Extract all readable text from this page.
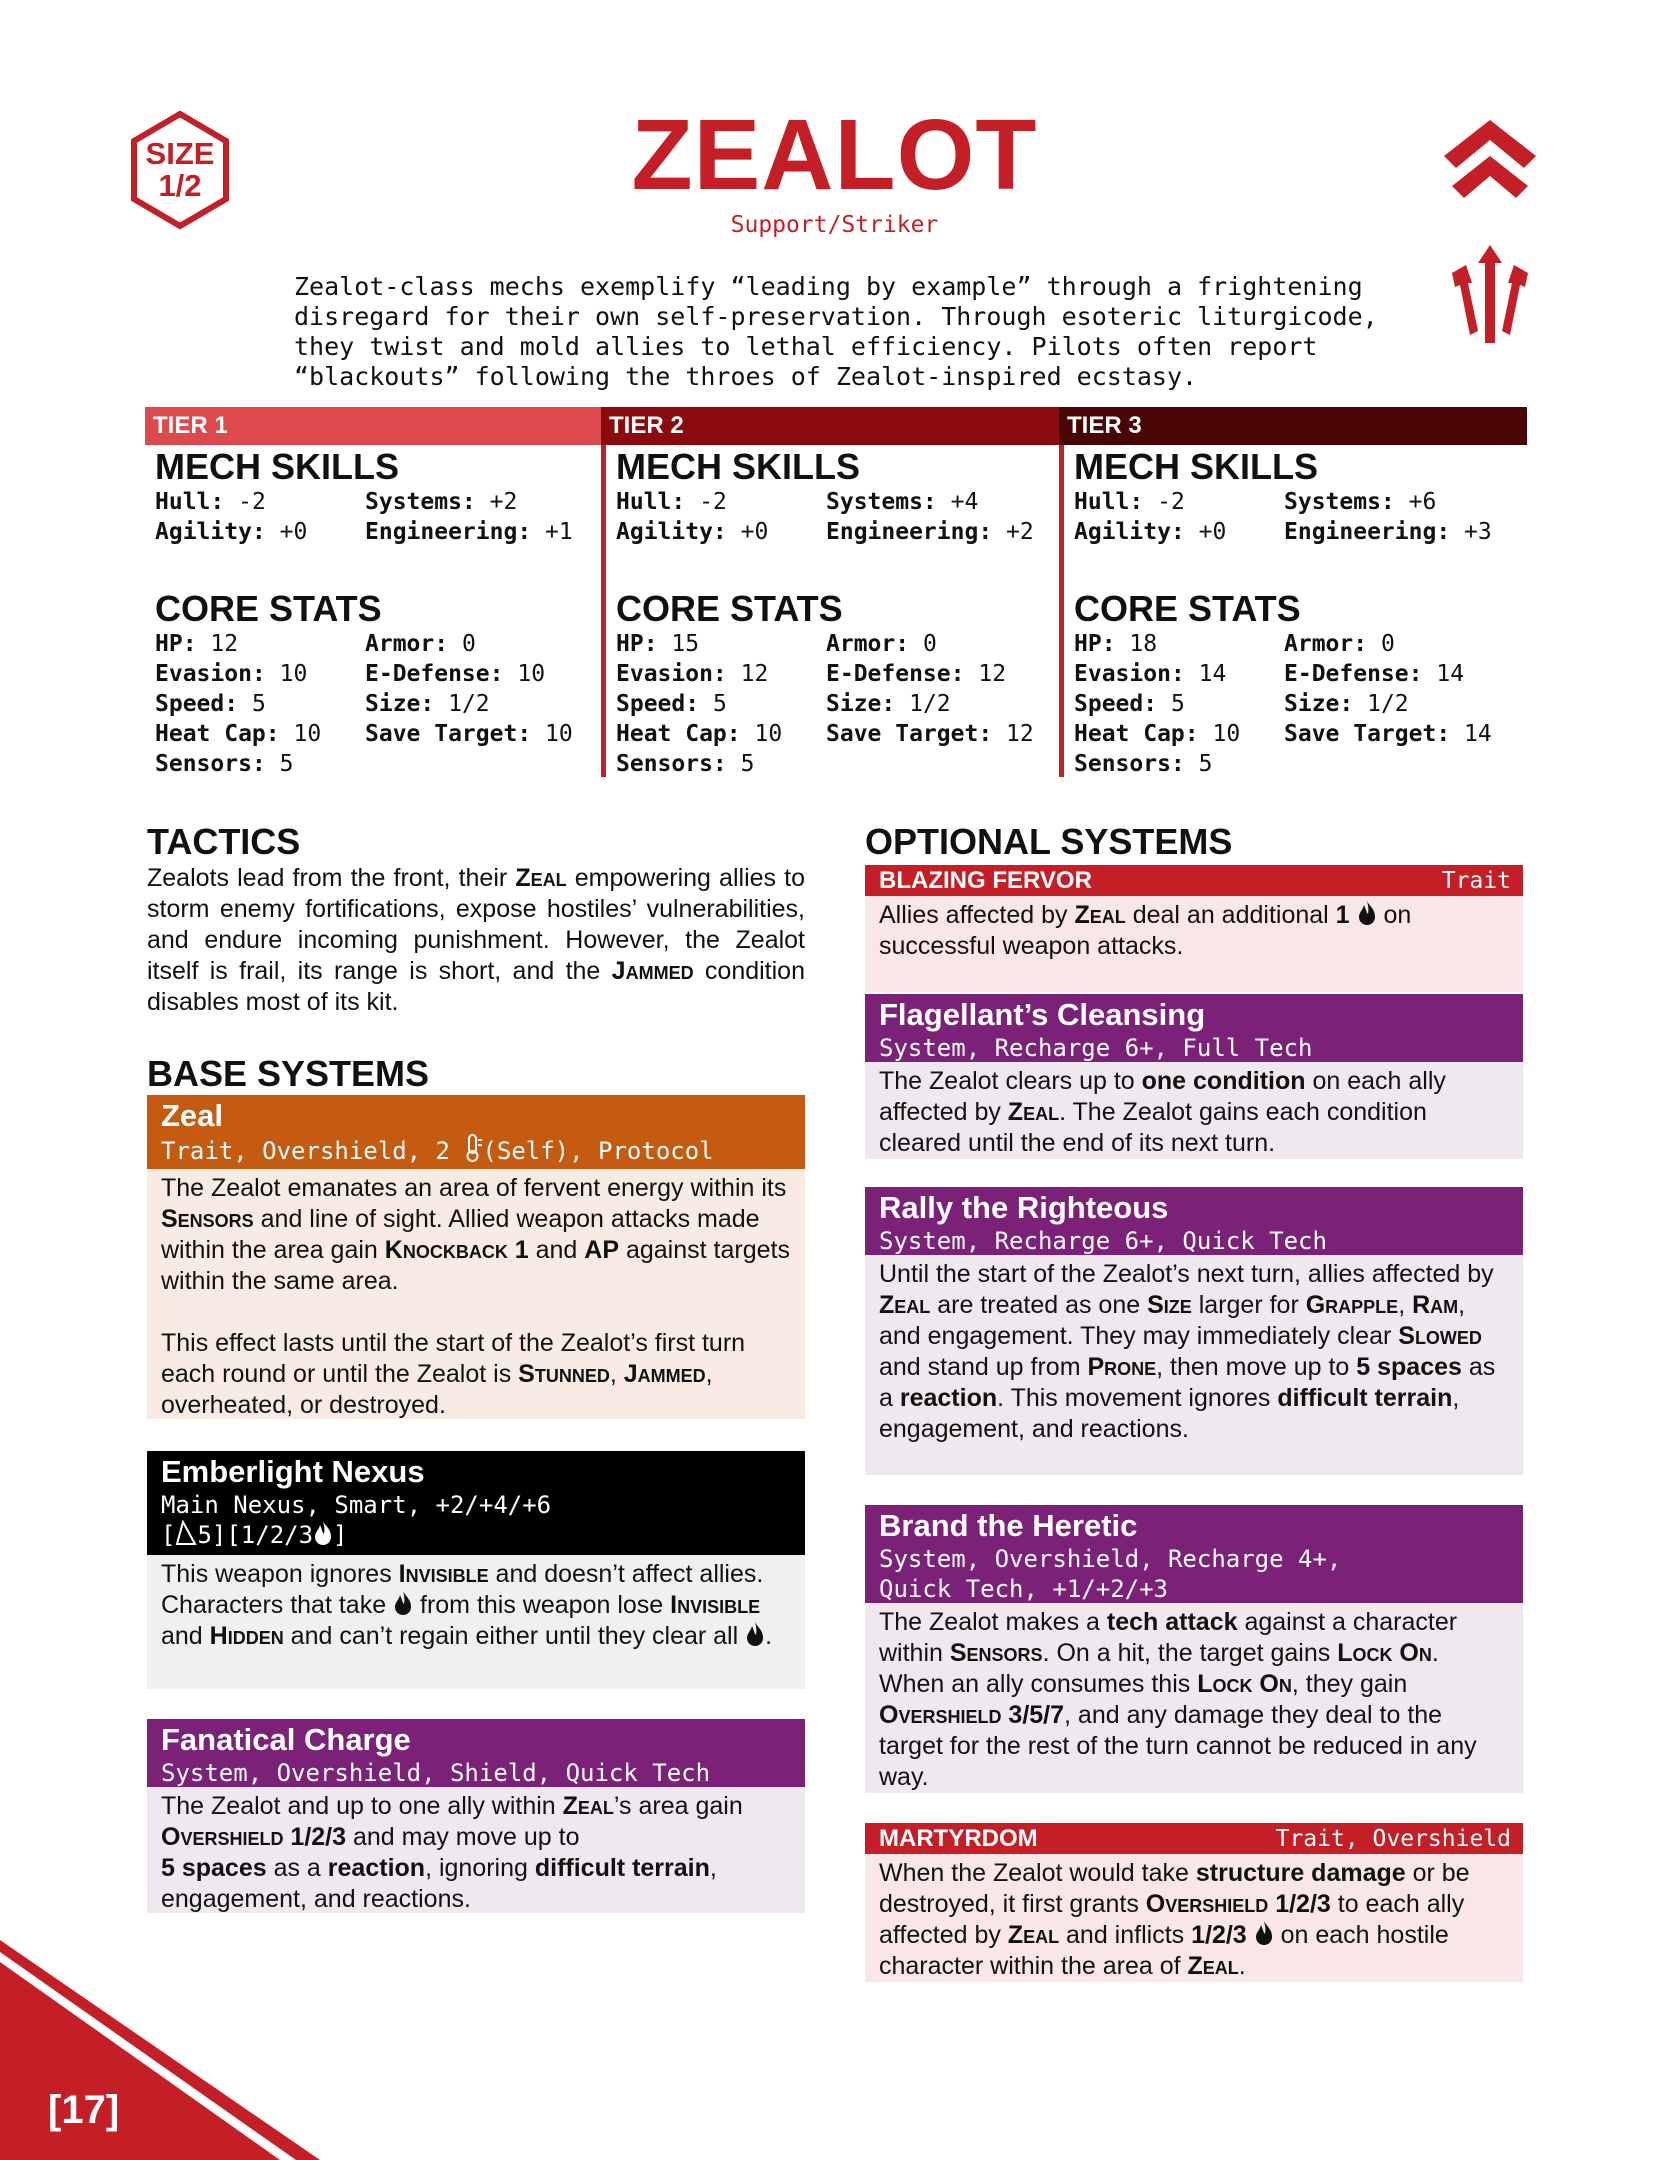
SIZE
1/2	ZEALOT
Support/Striker
Zealot-class mechs exemplify “leading by example” through a frightening
disregard for their own self-preservation. Through esoteric liturgicode,
they twist and mold allies to lethal efficiency. Pilots often report
“blackouts” following the throes of Zealot-inspired ecstasy.
TIER 1
MECH SKILLS
Hull: -2	Systems: +2
Agility: +0	Engineering: +1
CORE STATS
HP: 12	Armor: 0
Evasion: 10	E-Defense: 10
Speed: 5	Size: 1/2
Heat Cap: 10	Save Target: 10
Sensors: 5
TIER 2
MECH SKILLS
Hull: -2	Systems: +4
Agility: +0	Engineering: +2
CORE STATS
HP: 15	Armor: 0
Evasion: 12	E-Defense: 12
Speed: 5	Size: 1/2
Heat Cap: 10	Save Target: 12
Sensors: 5
TIER 3
MECH SKILLS
Hull: -2	Systems: +6
Agility: +0	Engineering: +3
CORE STATS
HP: 18	Armor: 0
Evasion: 14	E-Defense: 14
Speed: 5	Size: 1/2
Heat Cap: 10	Save Target: 14
Sensors: 5
TACTICS
Zealots lead from the front, their Zeal empowering allies to storm enemy fortifications, expose hostiles’ vulnerabilities, and endure incoming punishment. However, the Zealot itself is frail, its range is short, and the Jammed condition disables most of its kit.
BASE SYSTEMS
Zeal
Trait, Overshield, 2 (Self), Protocol

The Zealot emanates an area of fervent energy within its Sensors and line of sight. Allied weapon attacks made within the area gain Knockback 1 and AP against targets within the same area.

This effect lasts until the start of the Zealot’s first turn each round or until the Zealot is Stunned, Jammed, overheated, or destroyed.

Emberlight Nexus
Main Nexus, Smart, +2/+4/+6
[ 5][1/2/3 ]
This weapon ignores Invisible and doesn’t affect allies. Characters that take  from this weapon lose Invisible and Hidden and can’t regain either until they clear all .
Fanatical Charge
System, Overshield, Shield, Quick Tech
The Zealot and up to one ally within Zeal’s area gain Overshield 1/2/3 and may move up to
5 spaces as a reaction, ignoring difficult terrain, engagement, and reactions.
OPTIONAL SYSTEMS
BLAZING FERVOR	Trait
Allies affected by Zeal deal an additional 1  on successful weapon attacks.
Flagellant’s Cleansing
System, Recharge 6+, Full Tech
The Zealot clears up to one condition on each ally affected by Zeal. The Zealot gains each condition cleared until the end of its next turn.
Rally the Righteous
System, Recharge 6+, Quick Tech
Until the start of the Zealot’s next turn, allies affected by Zeal are treated as one Size larger for Grapple, Ram, and engagement. They may immediately clear Slowed and stand up from Prone, then move up to 5 spaces as a reaction. This movement ignores difficult terrain, engagement, and reactions.
Brand the Heretic
System, Overshield, Recharge 4+,
Quick Tech, +1/+2/+3
The Zealot makes a tech attack against a character within Sensors. On a hit, the target gains Lock On. When an ally consumes this Lock On, they gain Overshield 3/5/7, and any damage they deal to the target for the rest of the turn cannot be reduced in any way.
MARTYRDOM	Trait, Overshield
When the Zealot would take structure damage or be destroyed, it first grants Overshield 1/2/3 to each ally affected by Zeal and inflicts 1/2/3  on each hostile character within the area of Zeal.
[17]
